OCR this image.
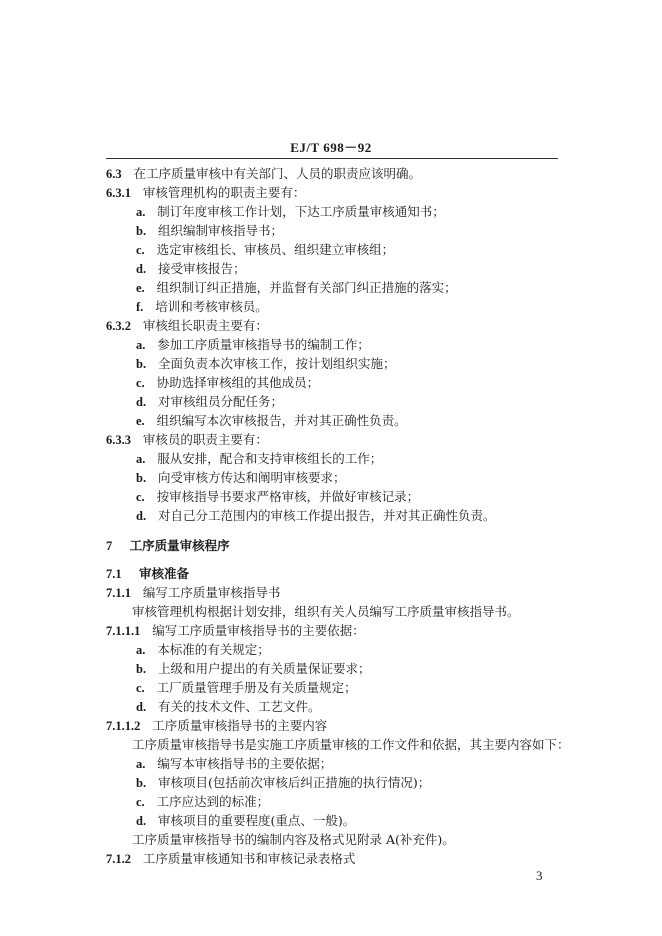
EJ/T 698－92
6.3 在工序质量审核中有关部门、人员的职责应该明确。
6.3.1 审核管理机构的职责主要有：
a. 制订年度审核工作计划，下达工序质量审核通知书；
b. 组织编制审核指导书；
c. 选定审核组长、审核员、组织建立审核组；
d. 接受审核报告；
e. 组织制订纠正措施，并监督有关部门纠正措施的落实；
f. 培训和考核审核员。
6.3.2 审核组长职责主要有：
a. 参加工序质量审核指导书的编制工作；
b. 全面负责本次审核工作，按计划组织实施；
c. 协助选择审核组的其他成员；
d. 对审核组员分配任务；
e. 组织编写本次审核报告，并对其正确性负责。
6.3.3 审核员的职责主要有：
a. 服从安排，配合和支持审核组长的工作；
b. 向受审核方传达和阐明审核要求；
c. 按审核指导书要求严格审核，并做好审核记录；
d. 对自己分工范围内的审核工作提出报告，并对其正确性负责。
7 工序质量审核程序
7.1 审核准备
7.1.1 编写工序质量审核指导书
审核管理机构根据计划安排，组织有关人员编写工序质量审核指导书。
7.1.1.1 编写工序质量审核指导书的主要依据：
a. 本标准的有关规定；
b. 上级和用户提出的有关质量保证要求；
c. 工厂质量管理手册及有关质量规定；
d. 有关的技术文件、工艺文件。
7.1.1.2 工序质量审核指导书的主要内容
工序质量审核指导书是实施工序质量审核的工作文件和依据，其主要内容如下：
a. 编写本审核指导书的主要依据；
b. 审核项目(包括前次审核后纠正措施的执行情况)；
c. 工序应达到的标准；
d. 审核项目的重要程度(重点、一般)。
工序质量审核指导书的编制内容及格式见附录 A(补充件)。
7.1.2 工序质量审核通知书和审核记录表格式
3
